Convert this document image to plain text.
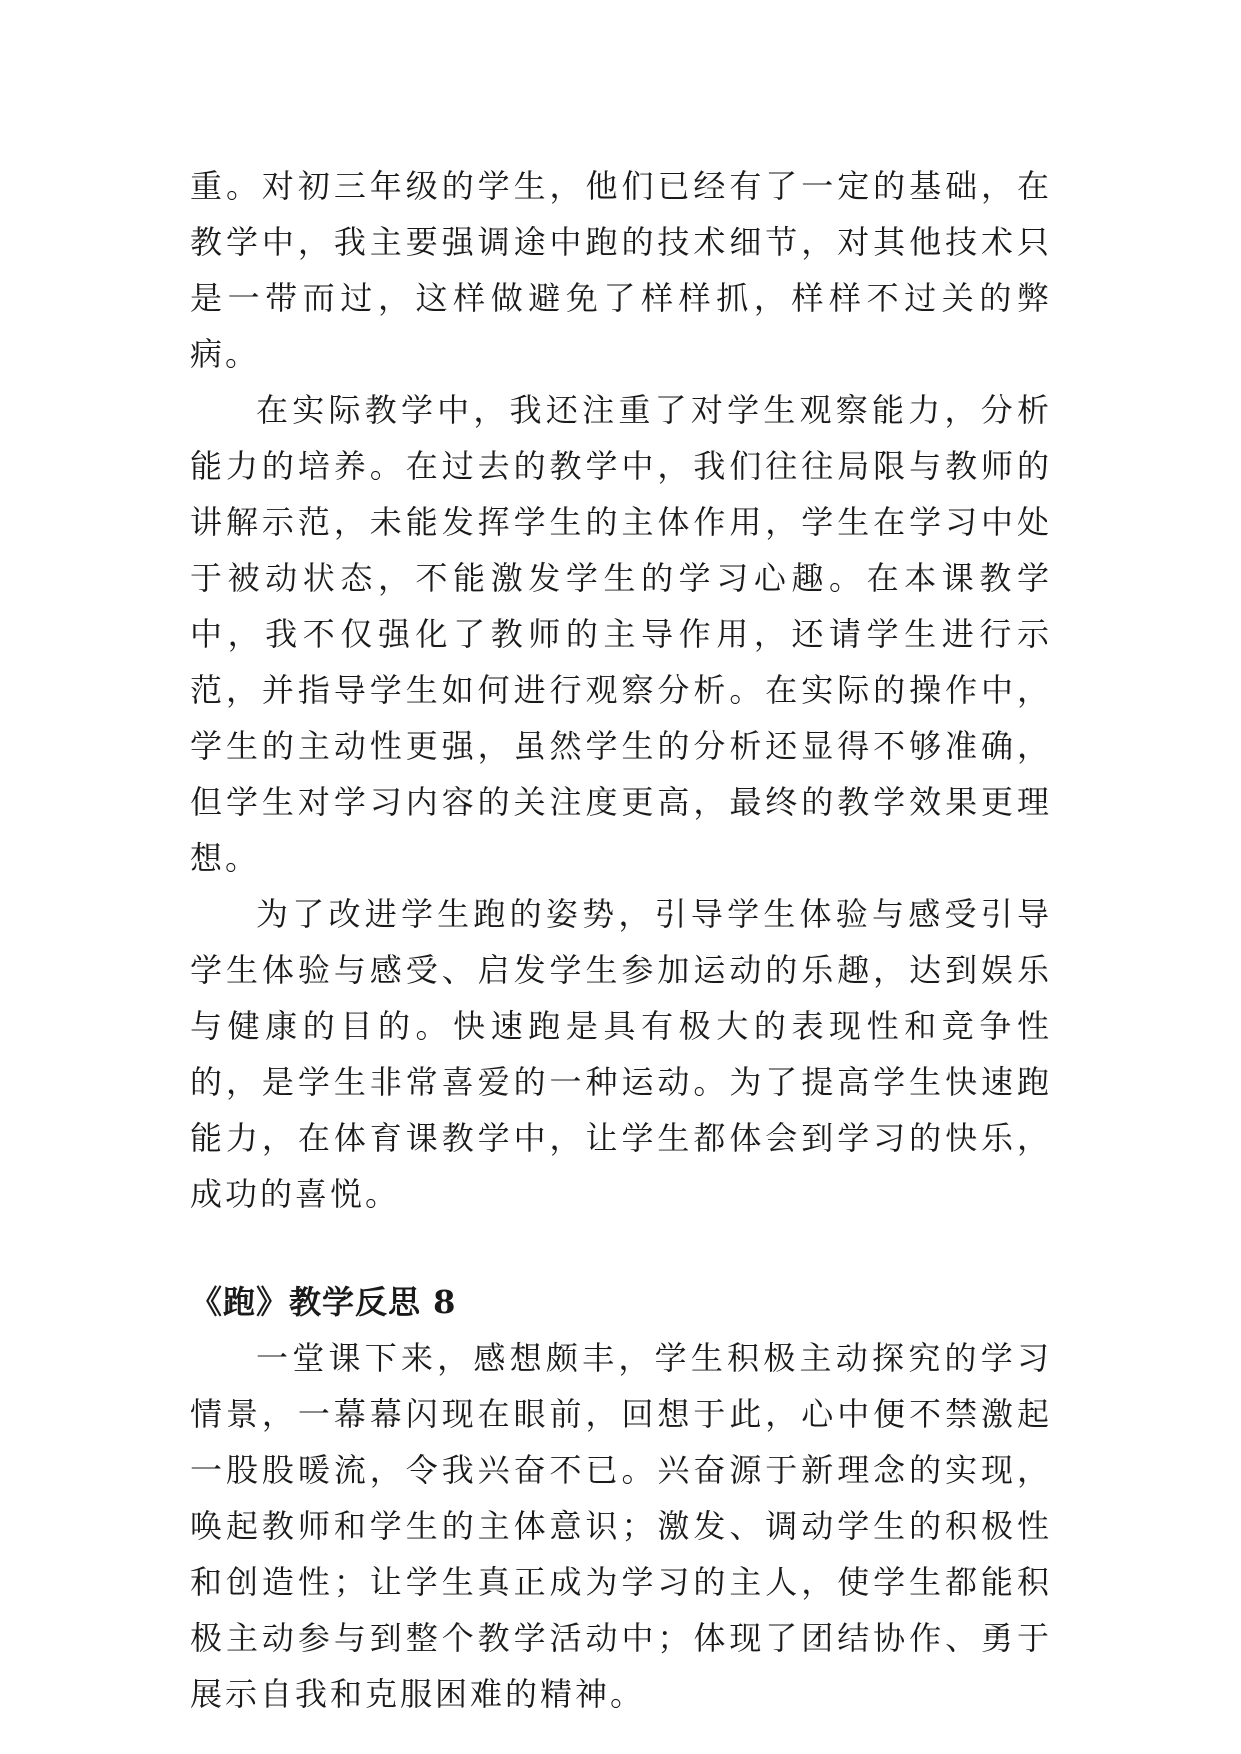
重。对初三年级的学生，他们已经有了一定的基础，在教学中，我主要强调途中跑的技术细节，对其他技术只是一带而过，这样做避免了样样抓，样样不过关的弊病。

在实际教学中，我还注重了对学生观察能力，分析能力的培养。在过去的教学中，我们往往局限与教师的讲解示范，未能发挥学生的主体作用，学生在学习中处于被动状态，不能激发学生的学习心趣。在本课教学中，我不仅强化了教师的主导作用，还请学生进行示范，并指导学生如何进行观察分析。在实际的操作中，学生的主动性更强，虽然学生的分析还显得不够准确，但学生对学习内容的关注度更高，最终的教学效果更理想。

为了改进学生跑的姿势，引导学生体验与感受引导学生体验与感受、启发学生参加运动的乐趣，达到娱乐与健康的目的。快速跑是具有极大的表现性和竞争性的，是学生非常喜爱的一种运动。为了提高学生快速跑能力，在体育课教学中，让学生都体会到学习的快乐，成功的喜悦。

《跑》教学反思 8

一堂课下来，感想颇丰，学生积极主动探究的学习情景，一幕幕闪现在眼前，回想于此，心中便不禁激起一股股暖流，令我兴奋不已。兴奋源于新理念的实现，唤起教师和学生的主体意识；激发、调动学生的积极性和创造性；让学生真正成为学习的主人，使学生都能积极主动参与到整个教学活动中；体现了团结协作、勇于展示自我和克服困难的精神。
